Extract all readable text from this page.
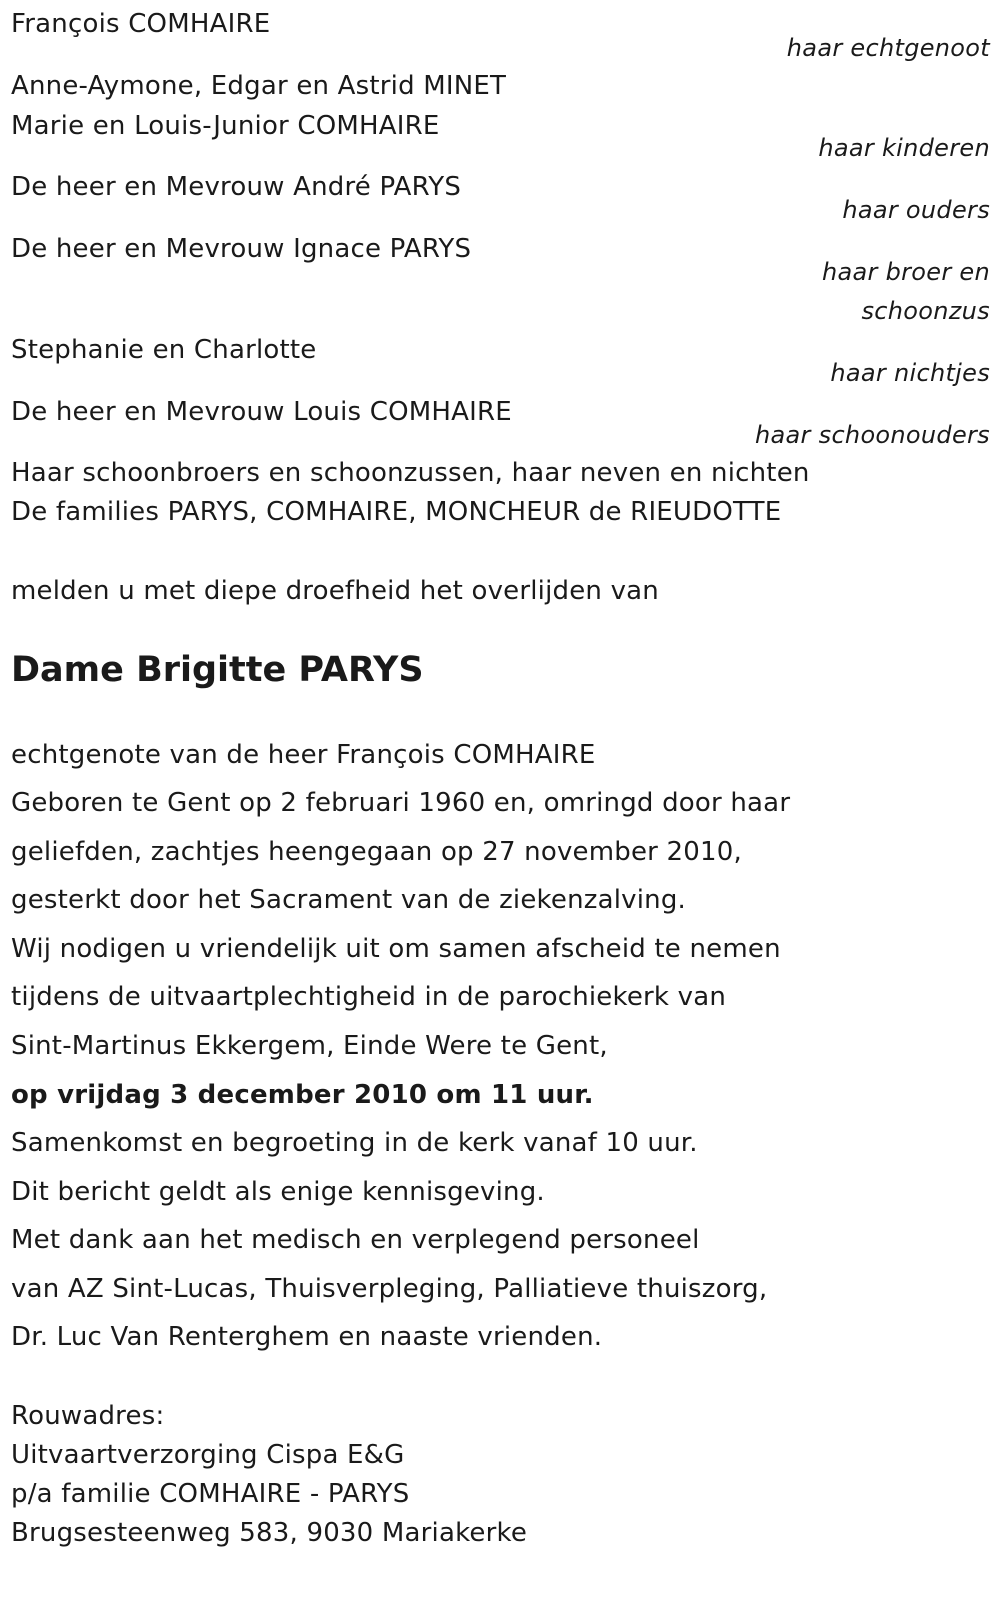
François COMHAIRE
haar echtgenoot
Anne-Aymone, Edgar en Astrid MINET
Marie en Louis-Junior COMHAIRE
haar kinderen
De heer en Mevrouw André PARYS
haar ouders
De heer en Mevrouw Ignace PARYS
haar broer en
schoonzus
Stephanie en Charlotte
haar nichtjes
De heer en Mevrouw Louis COMHAIRE
haar schoonouders
Haar schoonbroers en schoonzussen, haar neven en nichten
De families PARYS, COMHAIRE, MONCHEUR de RIEUDOTTE
melden u met diepe droefheid het overlijden van
Dame Brigitte PARYS
echtgenote van de heer François COMHAIRE
Geboren te Gent op 2 februari 1960 en, omringd door haar
geliefden, zachtjes heengegaan op 27 november 2010,
gesterkt door het Sacrament van de ziekenzalving.
Wij nodigen u vriendelijk uit om samen afscheid te nemen
tijdens de uitvaartplechtigheid in de parochiekerk van
Sint-Martinus Ekkergem, Einde Were te Gent,
op vrijdag 3 december 2010 om 11 uur.
Samenkomst en begroeting in de kerk vanaf 10 uur.
Dit bericht geldt als enige kennisgeving.
Met dank aan het medisch en verplegend personeel
van AZ Sint-Lucas, Thuisverpleging, Palliatieve thuiszorg,
Dr. Luc Van Renterghem en naaste vrienden.
Rouwadres:
Uitvaartverzorging Cispa E&G
p/a familie COMHAIRE - PARYS
Brugsesteenweg 583, 9030 Mariakerke
